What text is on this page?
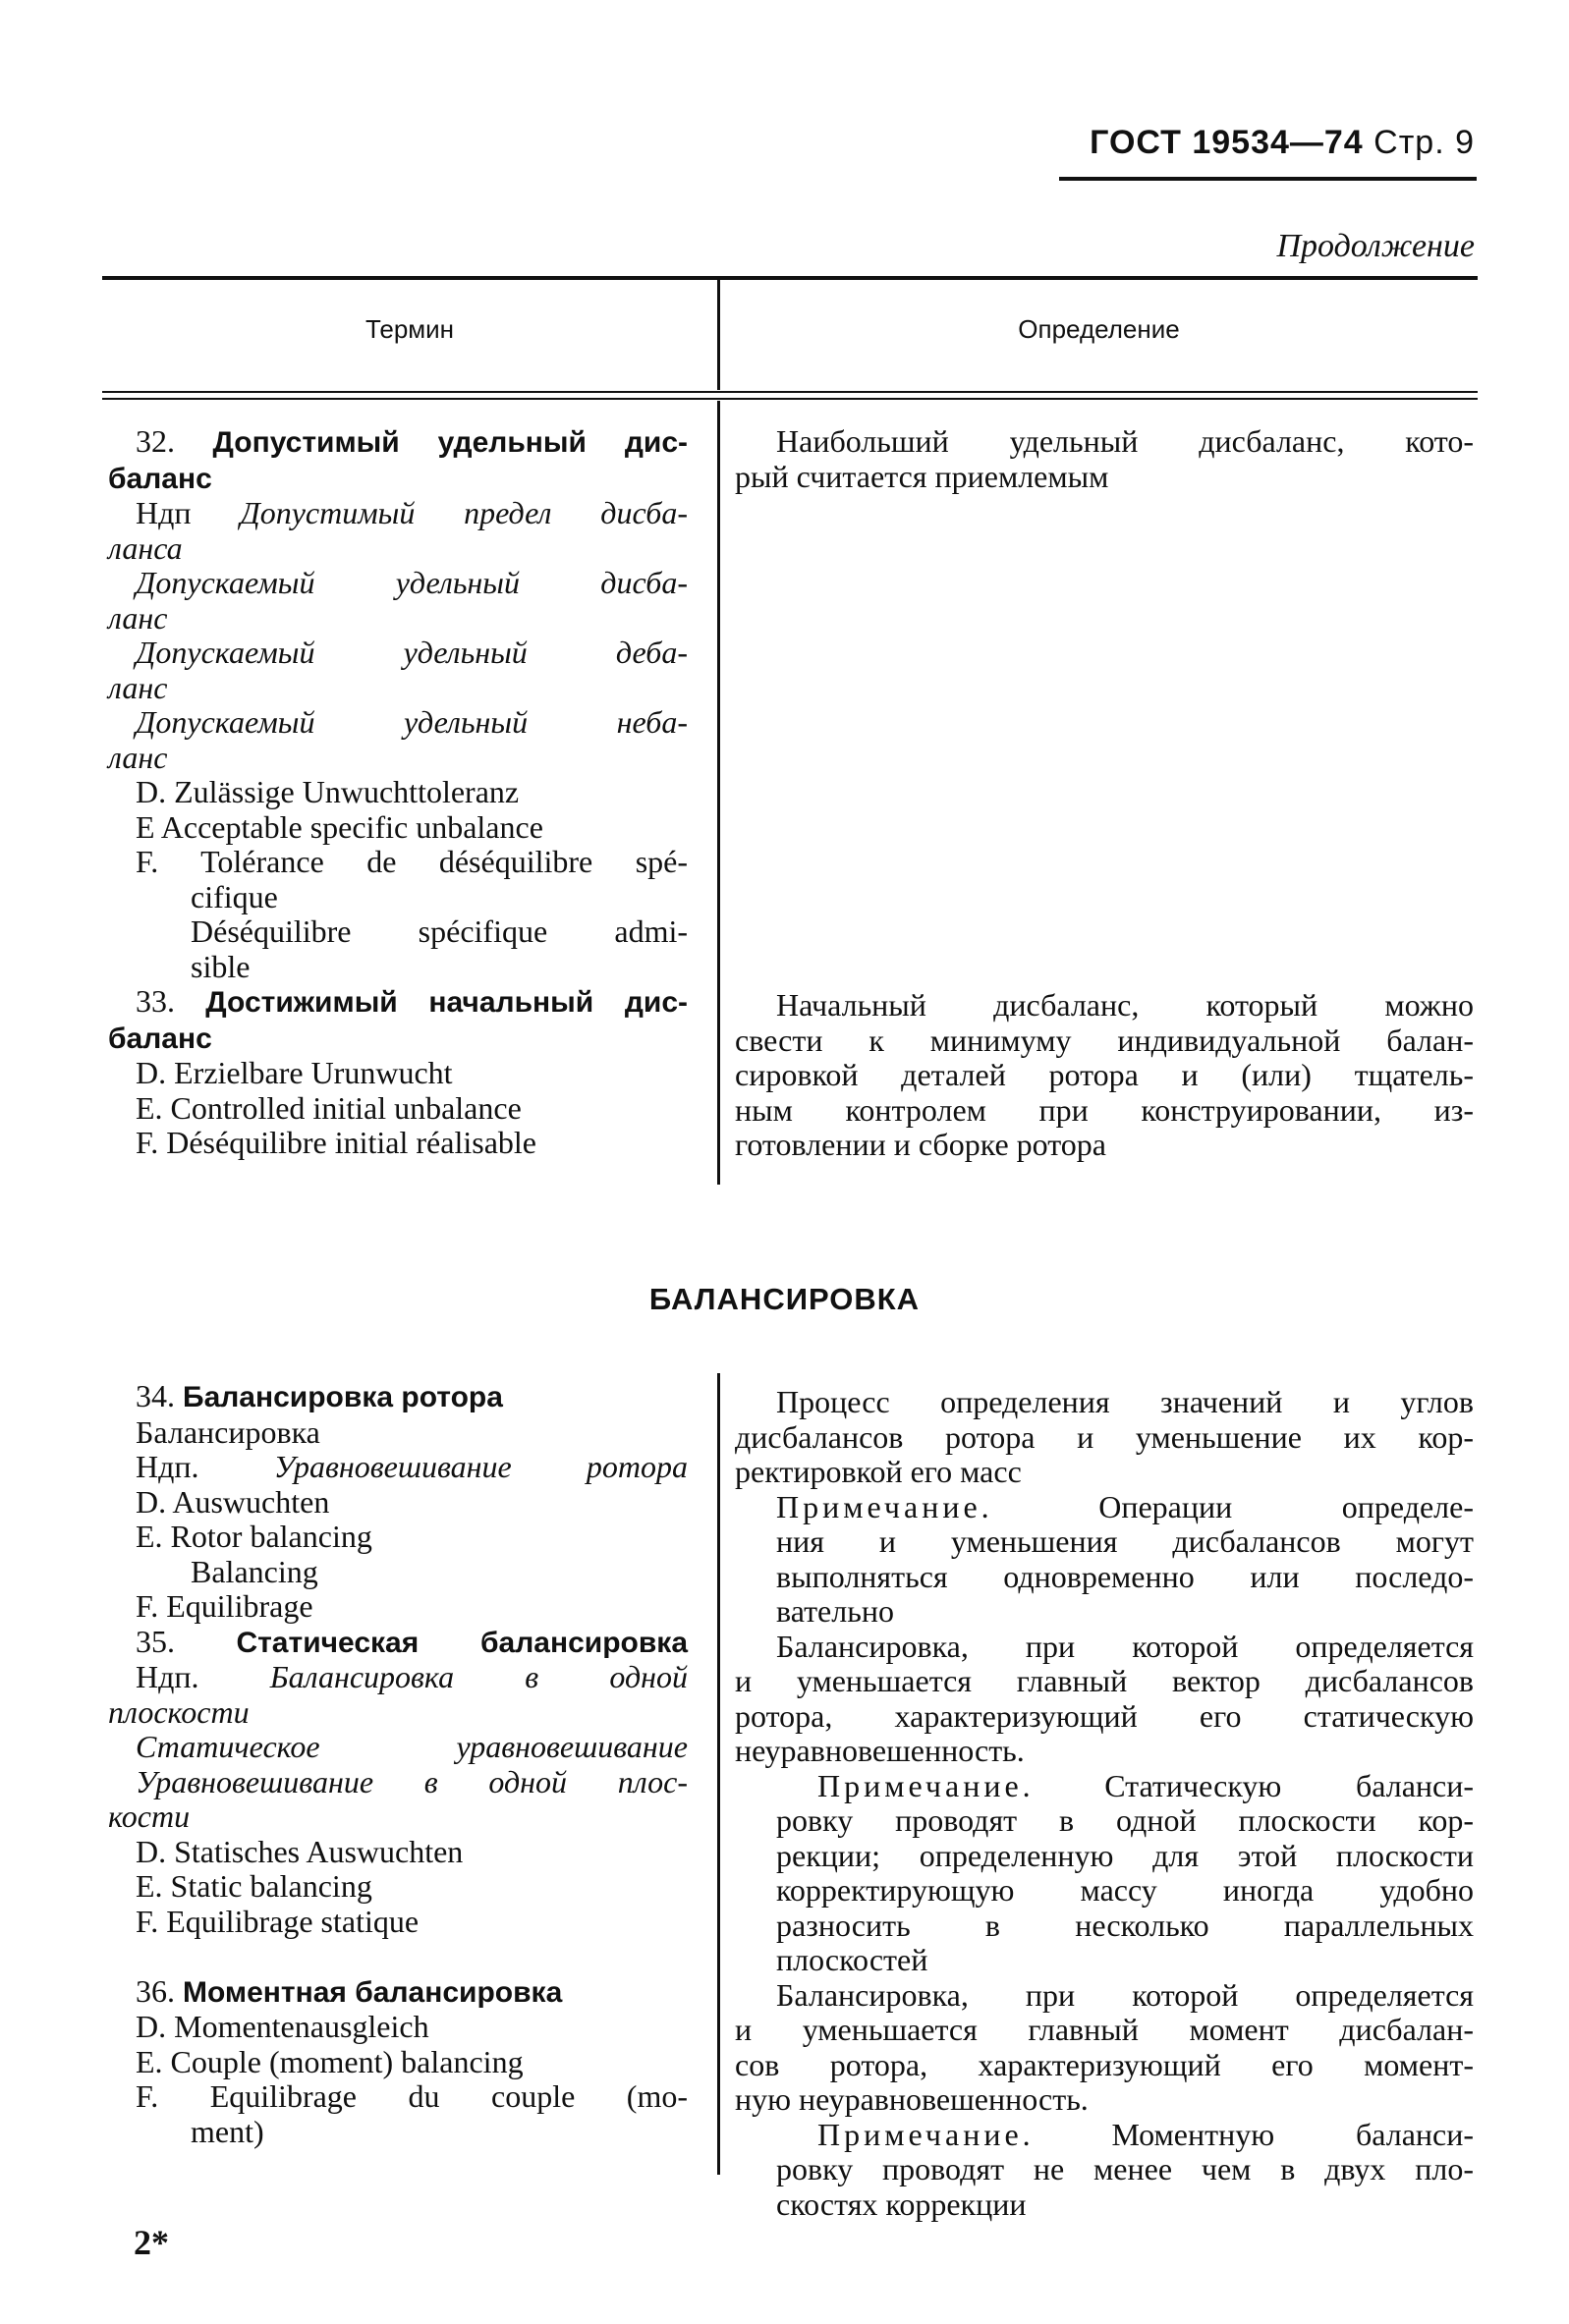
ГОСТ 19534—74 Стр. 9
Продолжение
Термин	Определение
32. Допустимый удельный дис-
баланс
Ндп Допустимый предел дисба-
ланса
Допускаемый удельный дисба-
ланс
Допускаемый удельный деба-
ланс
Допускаемый удельный неба-
ланс
D. Zulässige Unwuchttoleranz
E Acceptable specific unbalance
F. Tolérance de déséquilibre spé-
cifique
Déséquilibre spécifique admi-
sible
33. Достижимый начальный дис-
баланс
D. Erzielbare Urunwucht
E. Controlled initial unbalance
F. Déséquilibre initial réalisable
Наибольший удельный дисбаланс, кото-
рый считается приемлемым
Начальный дисбаланс, который можно
свести к минимуму индивидуальной балан-
сировкой деталей ротора и (или) тщатель-
ным контролем при конструировании, из-
готовлении и сборке ротора
БАЛАНСИРОВКА
34. Балансировка ротора
Балансировка
Ндп. Уравновешивание ротора
D. Auswuchten
E. Rotor balancing
Balancing
F. Equilibrage
35. Статическая балансировка
Ндп. Балансировка в одной
плоскости
Статическое уравновешивание
Уравновешивание в одной плос-
кости
D. Statisches Auswuchten
E. Static balancing
F. Equilibrage statique

36. Моментная балансировка
D. Momentenausgleich
E. Couple (moment) balancing
F. Equilibrage du couple (mo-
ment)
Процесс определения значений и углов
дисбалансов ротора и уменьшение их кор-
ректировкой его масс
Примечание. Операции определе-
ния и уменьшения дисбалансов могут
выполняться одновременно или последо-
вательно
Балансировка, при которой определяется
и уменьшается главный вектор дисбалансов
ротора, характеризующий его статическую
неуравновешенность.
Примечание. Статическую баланси-
ровку проводят в одной плоскости кор-
рекции; определенную для этой плоскости
корректирующую массу иногда удобно
разносить в несколько параллельных
плоскостей
Балансировка, при которой определяется
и уменьшается главный момент дисбалан-
сов ротора, характеризующий его момент-
ную неуравновешенность.
Примечание. Моментную баланси-
ровку проводят не менее чем в двух пло-
скостях коррекции
2*
